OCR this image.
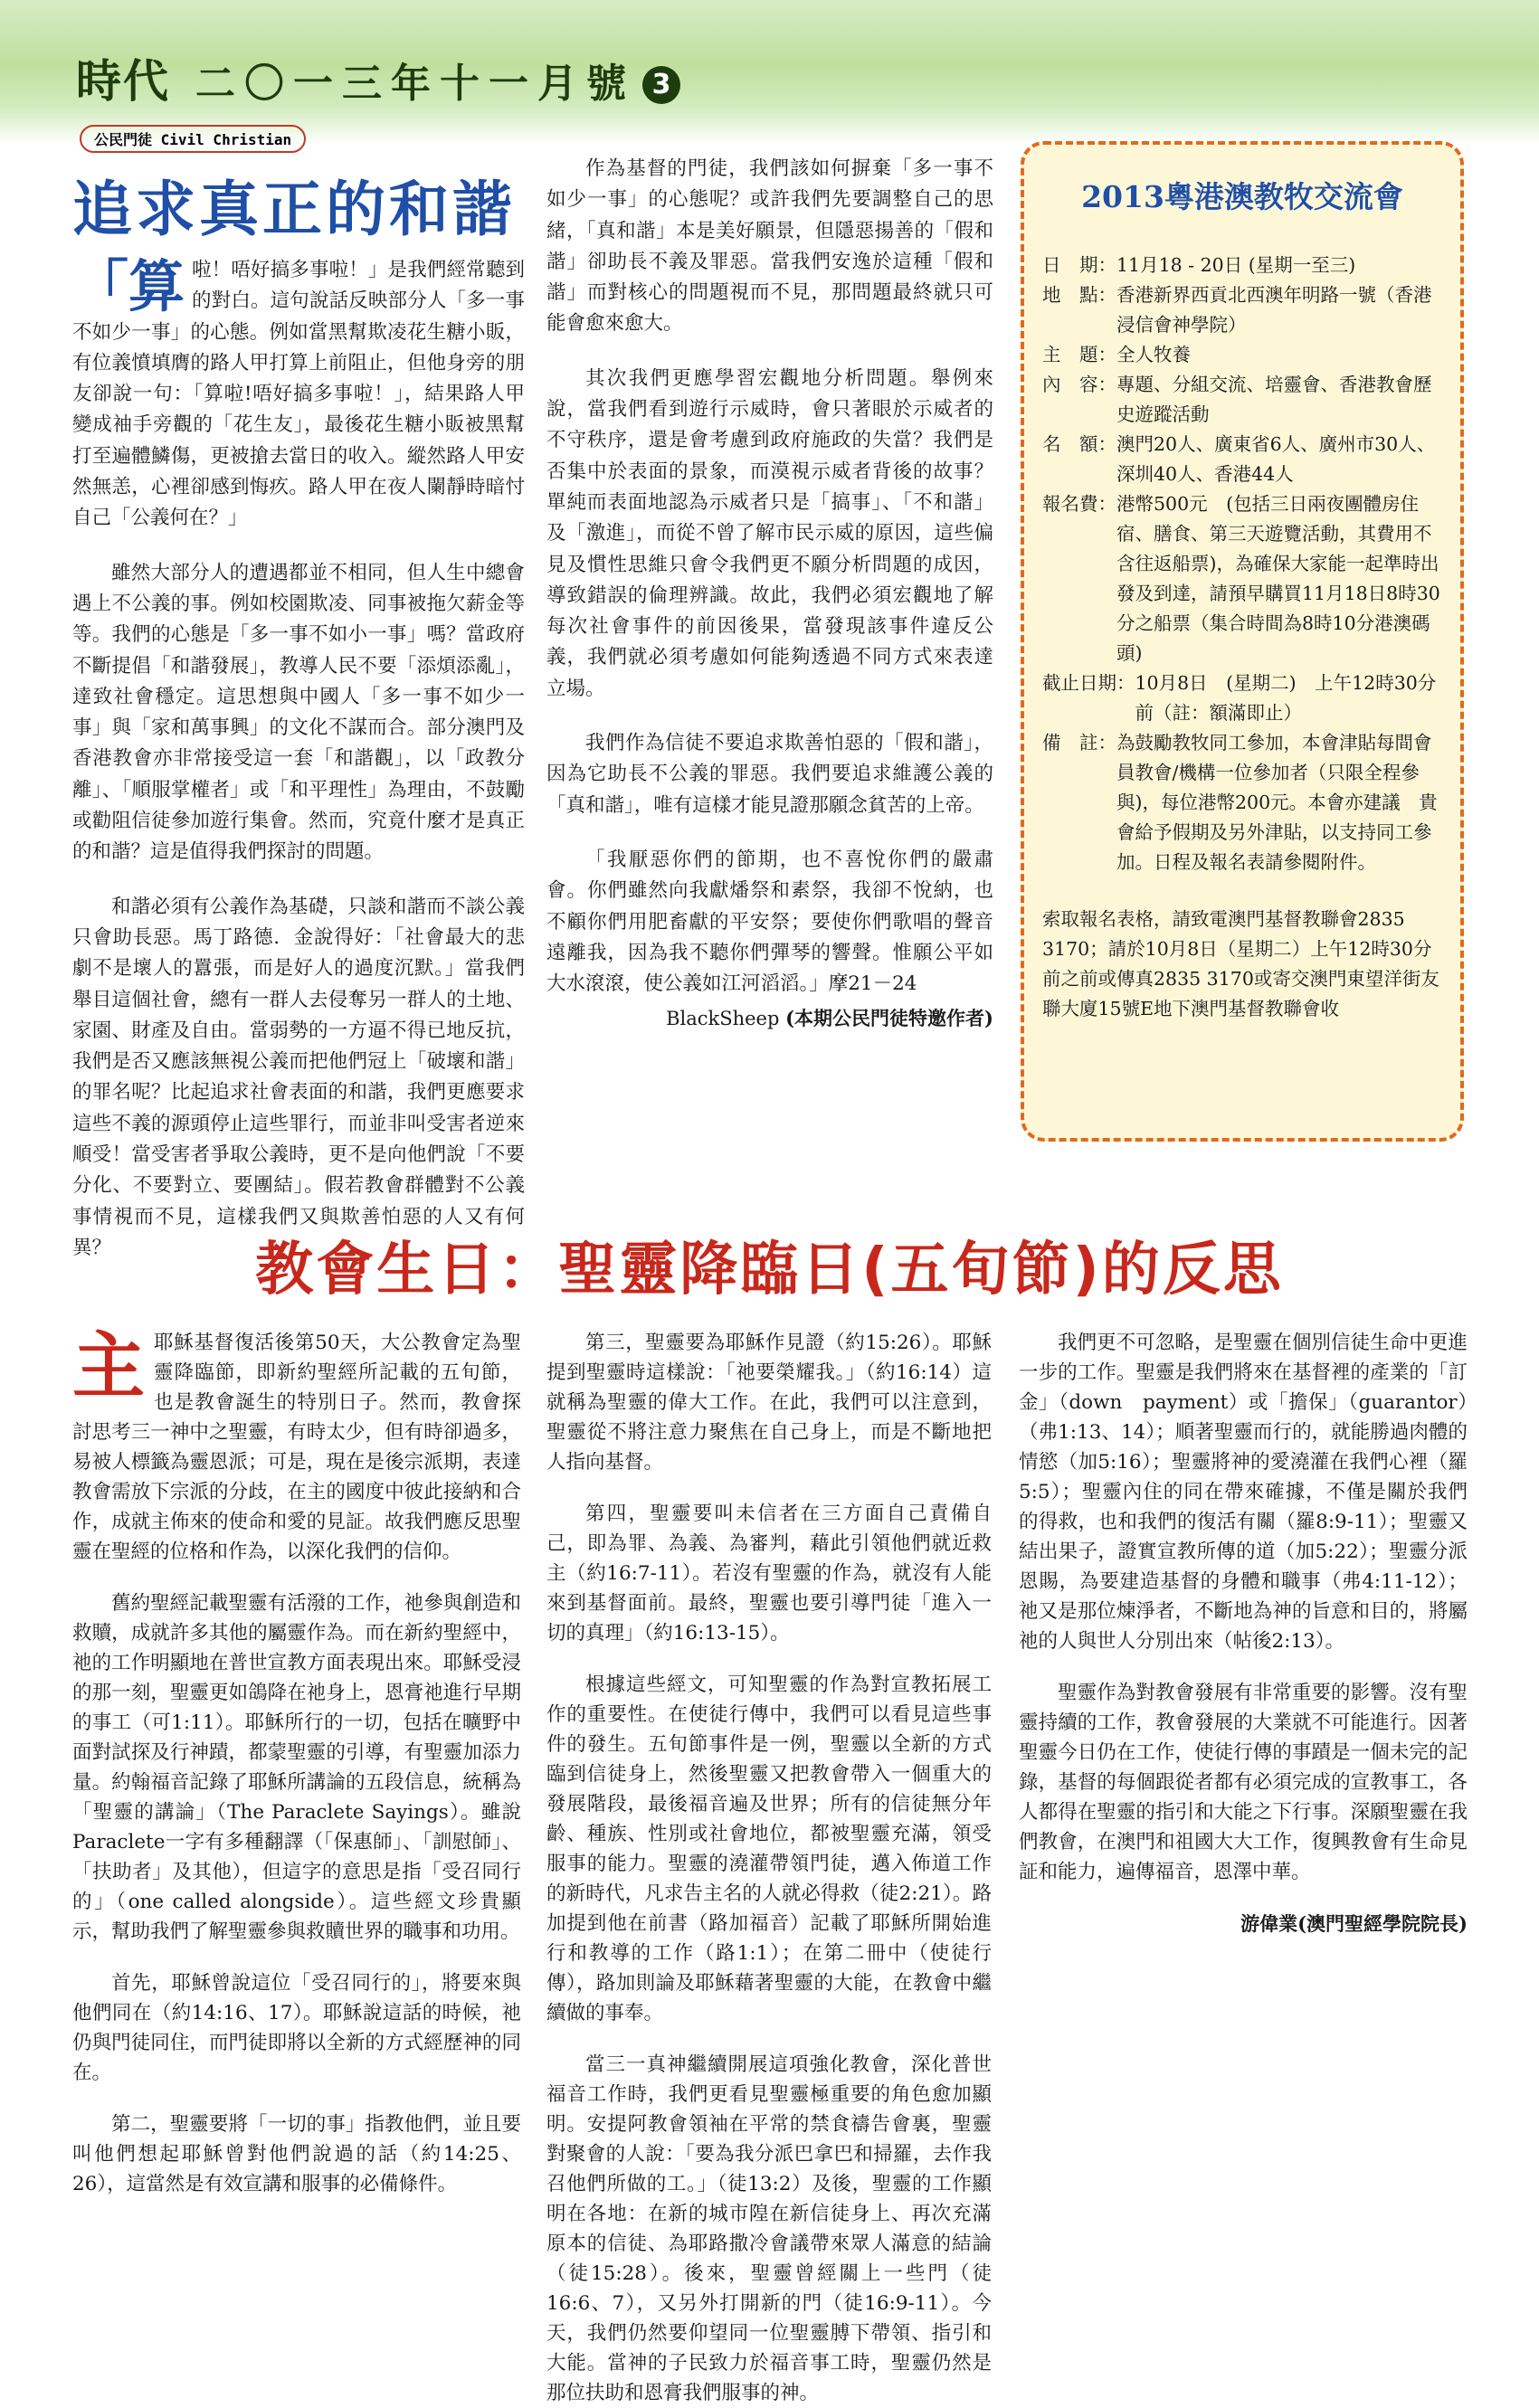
時代 二〇一三年十一月號 3
公民門徒 Civil Christian
追求真正的和諧

「算啦！唔好搞多事啦！」是我們經常聽到的對白。這句說話反映部分人「多一事不如少一事」的心態。例如當黑幫欺凌花生糖小販，有位義憤填膺的路人甲打算上前阻止，但他身旁的朋友卻說一句：「算啦!唔好搞多事啦！」，結果路人甲變成袖手旁觀的「花生友」，最後花生糖小販被黑幫打至遍體鱗傷，更被搶去當日的收入。縱然路人甲安然無恙，心裡卻感到悔疚。路人甲在夜人闌靜時暗忖自己「公義何在？」

雖然大部分人的遭遇都並不相同，但人生中總會遇上不公義的事。例如校園欺凌、同事被拖欠薪金等等。我們的心態是「多一事不如小一事」嗎？當政府不斷提倡「和諧發展」，教導人民不要「添煩添亂」，達致社會穩定。這思想與中國人「多一事不如少一事」與「家和萬事興」的文化不謀而合。部分澳門及香港教會亦非常接受這一套「和諧觀」，以「政教分離」、「順服掌權者」或「和平理性」為理由，不鼓勵或勸阻信徒參加遊行集會。然而，究竟什麼才是真正的和諧？這是值得我們探討的問題。

和諧必須有公義作為基礎，只談和諧而不談公義只會助長惡。馬丁路德．金說得好：「社會最大的悲劇不是壞人的囂張，而是好人的過度沉默。」當我們舉目這個社會，總有一群人去侵奪另一群人的土地、家園、財產及自由。當弱勢的一方逼不得已地反抗，我們是否又應該無視公義而把他們冠上「破壞和諧」的罪名呢？比起追求社會表面的和諧，我們更應要求這些不義的源頭停止這些罪行，而並非叫受害者逆來順受！當受害者爭取公義時，更不是向他們說「不要分化、不要對立、要團結」。假若教會群體對不公義事情視而不見，這樣我們又與欺善怕惡的人又有何異？

作為基督的門徒，我們該如何摒棄「多一事不如少一事」的心態呢？或許我們先要調整自己的思緒，「真和諧」本是美好願景，但隱惡揚善的「假和諧」卻助長不義及罪惡。當我們安逸於這種「假和諧」而對核心的問題視而不見，那問題最終就只可能會愈來愈大。

其次我們更應學習宏觀地分析問題。舉例來說，當我們看到遊行示威時，會只著眼於示威者的不守秩序，還是會考慮到政府施政的失當？我們是否集中於表面的景象，而漠視示威者背後的故事？單純而表面地認為示威者只是「搞事」、「不和諧」及「激進」，而從不曾了解市民示威的原因，這些偏見及慣性思維只會令我們更不願分析問題的成因，導致錯誤的倫理辨識。故此，我們必須宏觀地了解每次社會事件的前因後果，當發現該事件違反公義，我們就必須考慮如何能夠透過不同方式來表達立場。

我們作為信徒不要追求欺善怕惡的「假和諧」，因為它助長不公義的罪惡。我們要追求維護公義的「真和諧」，唯有這樣才能見證那願念貧苦的上帝。

「我厭惡你們的節期，也不喜悅你們的嚴肅會。你們雖然向我獻燔祭和素祭，我卻不悅納，也不顧你們用肥畜獻的平安祭；要使你們歌唱的聲音遠離我，因為我不聽你們彈琴的響聲。惟願公平如大水滾滾，使公義如江河滔滔。」摩21－24

BlackSheep (本期公民門徒特邀作者)
2013粵港澳教牧交流會
日　期： 11月18 - 20日 (星期一至三)
地　點： 香港新界西貢北西澳年明路一號（香港浸信會神學院）
主　題： 全人牧養
內　容： 專題、分組交流、培靈會、香港教會歷史遊蹤活動
名　額： 澳門20人、廣東省6人、廣州市30人、深圳40人、香港44人
報名費： 港幣500元　(包括三日兩夜團體房住宿、膳食、第三天遊覽活動，其費用不含往返船票)，為確保大家能一起準時出發及到達，請預早購買11月18日8時30分之船票（集合時間為8時10分港澳碼頭)
截止日期： 10月8日　(星期二)　上午12時30分前（註：額滿即止）
備　註： 為鼓勵教牧同工參加，本會津貼每間會員教會/機構一位參加者（只限全程參與)，每位港幣200元。本會亦建議　貴會給予假期及另外津貼，以支持同工參加。日程及報名表請參閱附件。
索取報名表格，請致電澳門基督教聯會2835 3170；請於10月8日（星期二）上午12時30分前之前或傳真2835 3170或寄交澳門東望洋街友聯大廈15號E地下澳門基督教聯會收
教會生日：聖靈降臨日(五旬節)的反思

主耶穌基督復活後第50天，大公教會定為聖靈降臨節，即新約聖經所記載的五旬節，也是教會誕生的特別日子。然而，教會探討思考三一神中之聖靈，有時太少，但有時卻過多，易被人標籤為靈恩派；可是，現在是後宗派期，表達教會需放下宗派的分歧，在主的國度中彼此接納和合作，成就主佈來的使命和愛的見証。故我們應反思聖靈在聖經的位格和作為，以深化我們的信仰。

舊約聖經記載聖靈有活潑的工作，祂參與創造和救贖，成就許多其他的屬靈作為。而在新約聖經中，祂的工作明顯地在普世宣教方面表現出來。耶穌受浸的那一刻，聖靈更如鴿降在祂身上，恩膏祂進行早期的事工（可1:11）。耶穌所行的一切，包括在曠野中面對試探及行神蹟，都蒙聖靈的引導，有聖靈加添力量。約翰福音記錄了耶穌所講論的五段信息，統稱為「聖靈的講論」（The Paraclete Sayings）。雖說Paraclete一字有多種翻譯（「保惠師」、「訓慰師」、「扶助者」及其他），但這字的意思是指「受召同行的」（one called alongside）。這些經文珍貴顯示，幫助我們了解聖靈參與救贖世界的職事和功用。

首先，耶穌曾說這位「受召同行的」，將要來與他們同在（約14:16、17）。耶穌說這話的時候，祂仍與門徒同住，而門徒即將以全新的方式經歷神的同在。

第二，聖靈要將「一切的事」指教他們，並且要叫他們想起耶穌曾對他們說過的話（約14:25、26），這當然是有效宣講和服事的必備條件。

第三，聖靈要為耶穌作見證（約15:26）。耶穌提到聖靈時這樣說：「祂要榮耀我。」（約16:14）這就稱為聖靈的偉大工作。在此，我們可以注意到，聖靈從不將注意力聚焦在自己身上，而是不斷地把人指向基督。

第四，聖靈要叫未信者在三方面自己責備自己，即為罪、為義、為審判，藉此引領他們就近救主（約16:7-11）。若沒有聖靈的作為，就沒有人能來到基督面前。最終，聖靈也要引導門徒「進入一切的真理」（約16:13-15）。

根據這些經文，可知聖靈的作為對宣教拓展工作的重要性。在使徒行傳中，我們可以看見這些事件的發生。五旬節事件是一例，聖靈以全新的方式臨到信徒身上，然後聖靈又把教會帶入一個重大的發展階段，最後福音遍及世界；所有的信徒無分年齡、種族、性別或社會地位，都被聖靈充滿，領受服事的能力。聖靈的澆灌帶領門徒，邁入佈道工作的新時代，凡求告主名的人就必得救（徒2:21）。路加提到他在前書（路加福音）記載了耶穌所開始進行和教導的工作（路1:1）；在第二冊中（使徒行傳），路加則論及耶穌藉著聖靈的大能，在教會中繼續做的事奉。

當三一真神繼續開展這項強化教會，深化普世福音工作時，我們更看見聖靈極重要的角色愈加顯明。安提阿教會領袖在平常的禁食禱告會裏，聖靈對聚會的人說：「要為我分派巴拿巴和掃羅，去作我召他們所做的工。」（徒13:2）及後，聖靈的工作顯明在各地：在新的城市隍在新信徒身上、再次充滿原本的信徒、為耶路撒冷會議帶來眾人滿意的結論（徒15:28）。後來，聖靈曾經關上一些門（徒16:6、7），又另外打開新的門（徒16:9-11）。今天，我們仍然要仰望同一位聖靈膊下帶領、指引和大能。當神的子民致力於福音事工時，聖靈仍然是那位扶助和恩膏我們服事的神。

我們更不可忽略，是聖靈在個別信徒生命中更進一步的工作。聖靈是我們將來在基督裡的產業的「訂金」（down　payment）或「擔保」（guarantor）（弗1:13、14）；順著聖靈而行的，就能勝過肉體的情慾（加5:16）；聖靈將神的愛澆灌在我們心裡（羅5:5）；聖靈內住的同在帶來確據，不僅是關於我們的得救，也和我們的復活有關（羅8:9-11）；聖靈又結出果子，證實宣教所傳的道（加5:22）；聖靈分派恩賜，為要建造基督的身體和職事（弗4:11-12）；祂又是那位煉淨者，不斷地為神的旨意和目的，將屬祂的人與世人分別出來（帖後2:13）。

聖靈作為對教會發展有非常重要的影響。沒有聖靈持續的工作，教會發展的大業就不可能進行。因著聖靈今日仍在工作，使徒行傳的事蹟是一個未完的記錄，基督的每個跟從者都有必須完成的宣教事工，各人都得在聖靈的指引和大能之下行事。深願聖靈在我們教會，在澳門和祖國大大工作，復興教會有生命見証和能力，遍傳福音，恩澤中華。

游偉業(澳門聖經學院院長)
